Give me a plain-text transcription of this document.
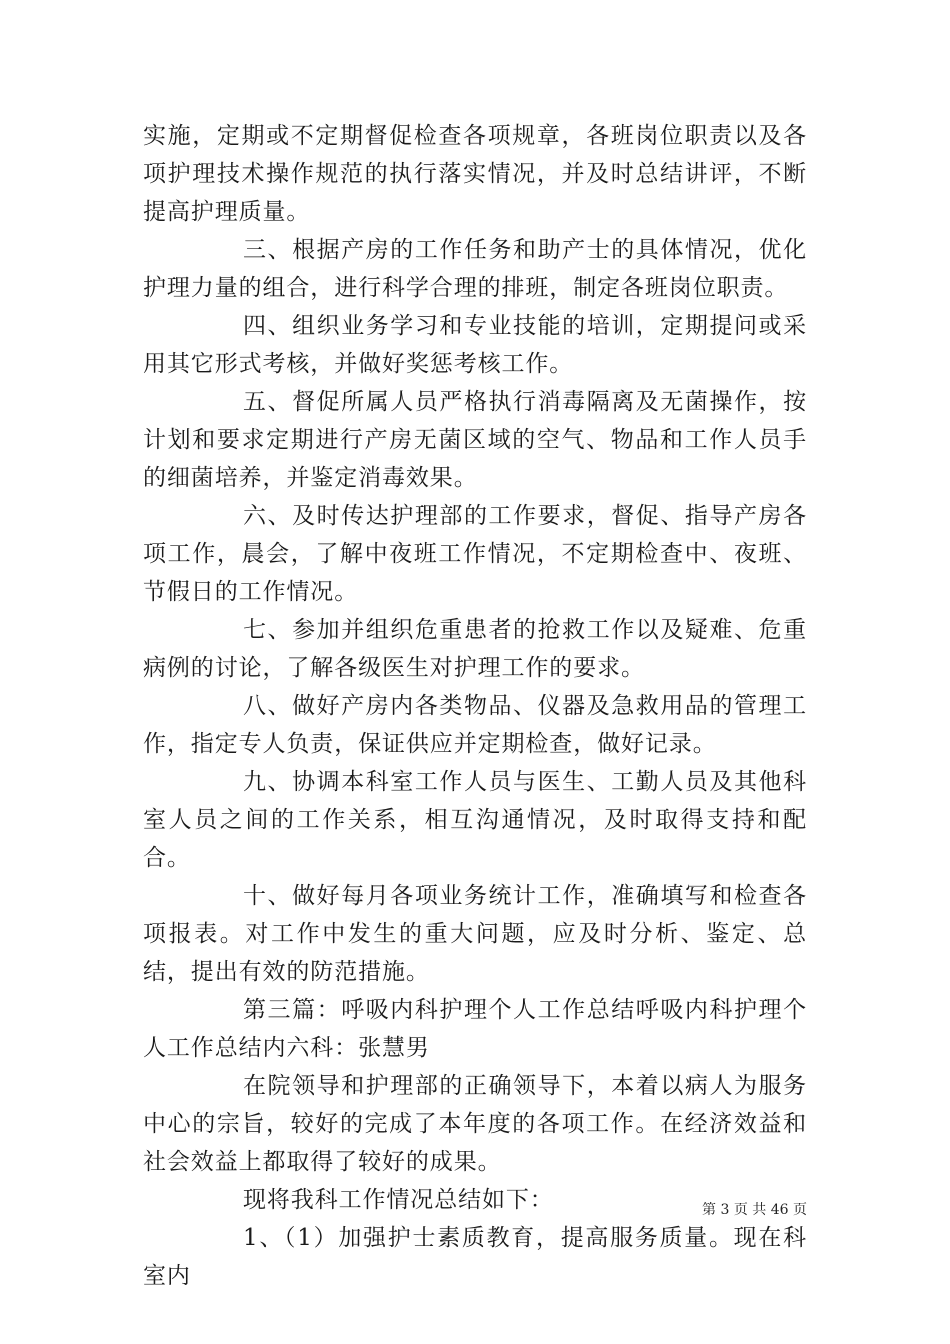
实施，定期或不定期督促检查各项规章，各班岗位职责以及各项护理技术操作规范的执行落实情况，并及时总结讲评，不断提高护理质量。

三、根据产房的工作任务和助产士的具体情况，优化护理力量的组合，进行科学合理的排班，制定各班岗位职责。

四、组织业务学习和专业技能的培训，定期提问或采用其它形式考核，并做好奖惩考核工作。

五、督促所属人员严格执行消毒隔离及无菌操作，按计划和要求定期进行产房无菌区域的空气、物品和工作人员手的细菌培养，并鉴定消毒效果。

六、及时传达护理部的工作要求，督促、指导产房各项工作，晨会，了解中夜班工作情况，不定期检查中、夜班、节假日的工作情况。

七、参加并组织危重患者的抢救工作以及疑难、危重病例的讨论，了解各级医生对护理工作的要求。

八、做好产房内各类物品、仪器及急救用品的管理工作，指定专人负责，保证供应并定期检查，做好记录。

九、协调本科室工作人员与医生、工勤人员及其他科室人员之间的工作关系，相互沟通情况，及时取得支持和配合。

十、做好每月各项业务统计工作，准确填写和检查各项报表。对工作中发生的重大问题，应及时分析、鉴定、总结，提出有效的防范措施。

第三篇：呼吸内科护理个人工作总结呼吸内科护理个人工作总结内六科：张慧男

在院领导和护理部的正确领导下，本着以病人为服务中心的宗旨，较好的完成了本年度的各项工作。在经济效益和社会效益上都取得了较好的成果。

现将我科工作情况总结如下：

1、（1）加强护士素质教育，提高服务质量。现在科室内

第 3 页 共 46 页
